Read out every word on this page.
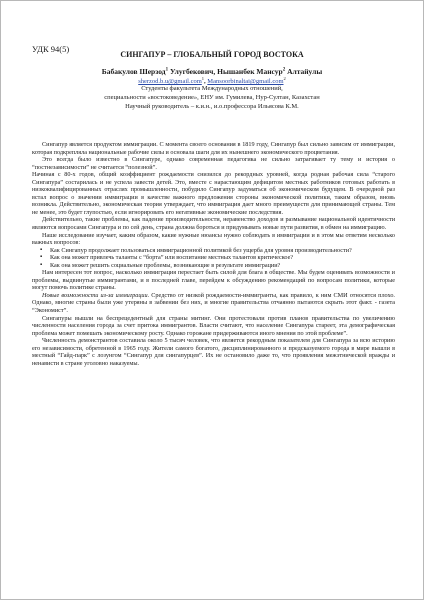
УДК 94(5)
СИНГАПУР – ГЛОБАЛЬНЫЙ ГОРОД ВОСТОКА
Бабакулов Шерзод$^1$ Улугбекович, Нышанбек Мансур$^2$ Алтайулы
sherzod.b.u@gmail.com$^1$, Mansoorbinaltai@gmail.com$^2$
Студенты факультета Международных отношений,
специальности «востоковедение», ЕНУ им. Гумилева, Нур-Султан, Казахстан
Научный руководитель – к.и.н., и.о.профессора Ильясова К.М.

Сингапур является продуктом иммиграции. С момента своего основания в 1819 году, Сингапур был сильно зависим от иммиграции, которая подкрепляла национальные рабочие силы и основала шаги для их нынешнего экономического процветания.

Это всегда было известно в Сингапуре, однако современная педагогика не сильно затрагивает ту тему и история о “постнезависимости” не считается “полезной”.

Начиная с 80-х годов, общий коэффициент рождаемости снизился до рекордных уровней, когда родная рабочая сила “старого Сингапура” состарилась и не успела завести детей. Это, вместе с нарастающим дефицитом местных работников готовых работать в низкоквалифицированных отраслях промышленности, побудило Сингапур задуматься об экономическом будущем. В очередной раз встал вопрос о значении иммиграции в качестве важного предложения стороны экономической политики, таким образом, вновь возникла. Действительно, экономическая теория утверждает, что иммиграция дает много преимуществ для принимающей страны. Тем не менее, это будет глупостью, если игнорировать его негативные экономические последствия.

Действительно, такие проблемы, как падение производительности, неравенство доходов и размывание национальной идентичности являются вопросами Сингапура и по сей день, страна должна бороться и придумывать новые пути развития, в обмен на иммиграцию.

Наше исследование изучает, каким образом, какие нужные нюансы нужно соблюдать в иммиграции и в этом мы ответим несколько важных вопросов:

▪ Как Сингапур продолжает пользоваться иммиграционной политикой без ущерба для уровня производительности?
▪ Как она может привлечь таланты с “борта” или воспитание местных талантов критическое?
▪ Как она может решить социальные проблемы, возникающие в результате иммиграции?

Нам интересен тот вопрос, насколько иммиграция перестает быть силой для блага в обществе. Мы будем оценивать возможности и проблемы, выдвинутые иммигрантами, и в последней главе, перейдем к обсуждению рекомендаций по вопросам политики, которые могут помочь политике страны.

Новые возможности из-за иммиграции. Средство от низкой рождаемости-иммигранты, как правило, к ним СМИ относятся плохо. Однако, многие страны были уже утеряны в забвении без них, и многие правительства отчаянно пытаются скрыть этот факт. - газета “Экономист”.

Сингапуры вышли на беспрецедентный для страны митинг. Они протестовали против планов правительства по увеличению численности населения города за счет притока иммигрантов. Власти считают, что население Сингапура стареет, эта демографическая проблема может помешать экономическому росту. Однако горожане придерживаются иного мнения по этой проблеме”.

Численность демонстрантов составила около 5 тысяч человек, что является рекордным показателем для Сингапура за всю историю его независимости, обретенной в 1965 году. Жители самого богатого, дисциплинированного и предсказуемого города в мире вышли в местный “Гайд-парк” с лозунгом “Сингапур для сингапурцев”. Их не остановило даже то, что проявления межэтнической вражды и ненависти в стране уголовно наказуемы.
